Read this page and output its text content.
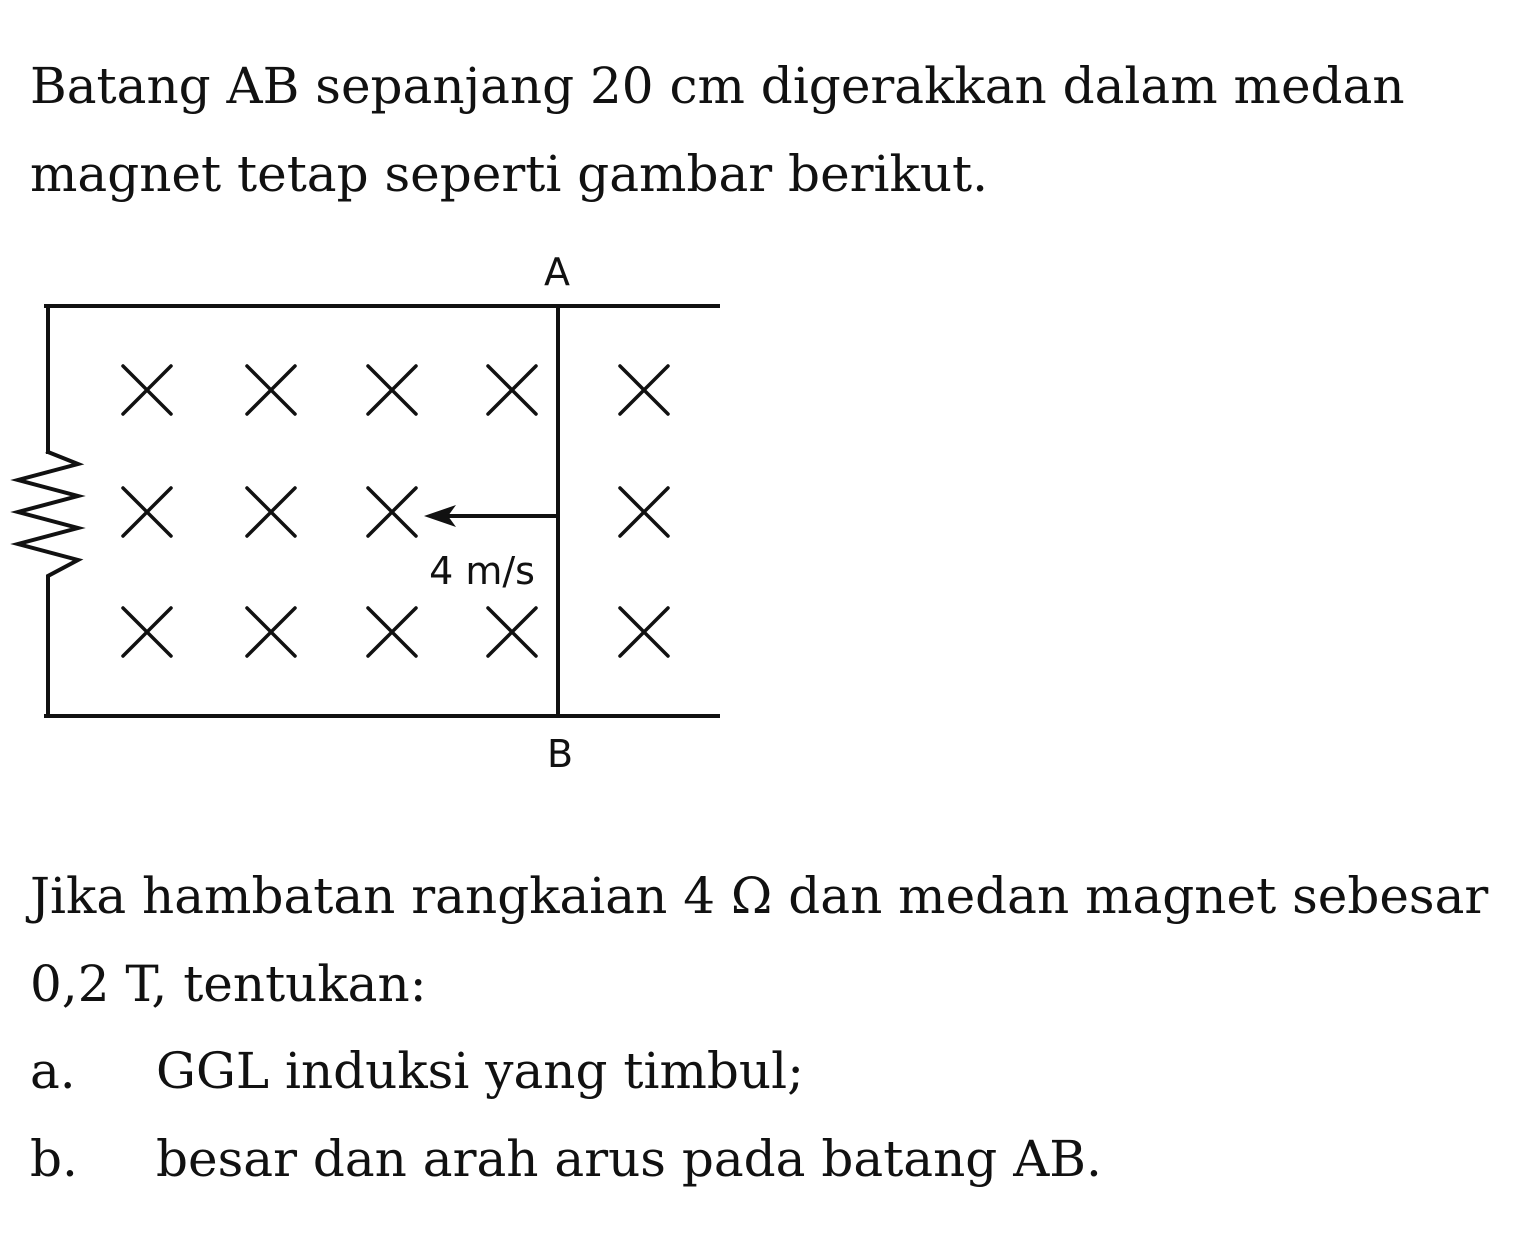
Batang AB sepanjang 20 cm digerakkan dalam medan magnet tetap seperti gambar berikut.

A
B
4 m/s

Jika hambatan rangkaian 4 Ω dan medan magnet sebesar 0,2 T, tentukan:

a. GGL induksi yang timbul;
b. besar dan arah arus pada batang AB.
